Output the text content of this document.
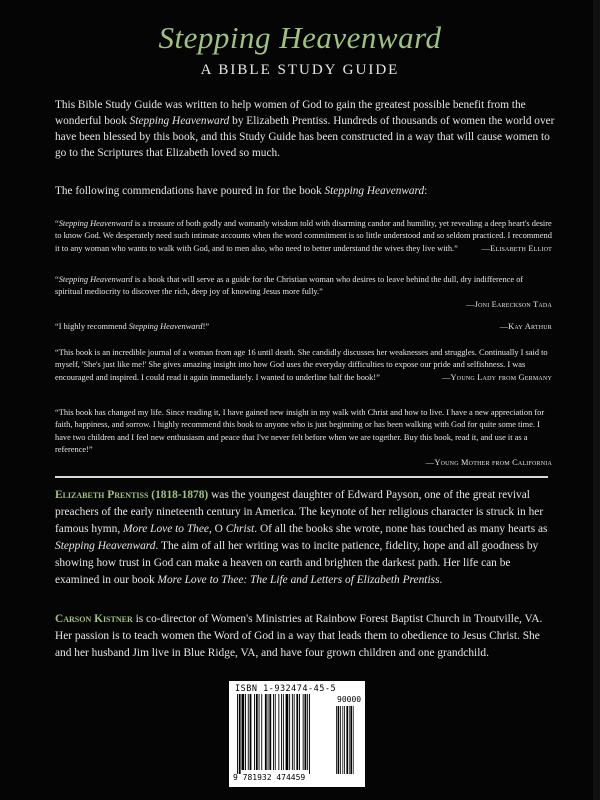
Stepping Heavenward
A BIBLE STUDY GUIDE

This Bible Study Guide was written to help women of God to gain the greatest possible benefit from the wonderful book Stepping Heavenward by Elizabeth Prentiss. Hundreds of thousands of women the world over have been blessed by this book, and this Study Guide has been constructed in a way that will cause women to go to the Scriptures that Elizabeth loved so much.

The following commendations have poured in for the book Stepping Heavenward:

“Stepping Heavenward is a treasure of both godly and womanly wisdom told with disarming candor and humility, yet revealing a deep heart's desire to know God. We desperately need such intimate accounts when the word commitment is so little understood and so seldom practiced. I recommend it to any woman who wants to walk with God, and to men also, who need to better understand the wives they live with.”	—Elisabeth Elliot
“Stepping Heavenward is a book that will serve as a guide for the Christian woman who desires to leave behind the dull, dry indifference of spiritual mediocrity to discover the rich, deep joy of knowing Jesus more fully.”
—Joni Eareckson Tada
“I highly recommend Stepping Heavenward!”	—Kay Arthur
“This book is an incredible journal of a woman from age 16 until death. She candidly discusses her weaknesses and struggles. Continually I said to myself, 'She's just like me!' She gives amazing insight into how God uses the everyday difficulties to expose our pride and selfishness. I was encouraged and inspired. I could read it again immediately. I wanted to underline half the book!”	—Young Lady from Germany
“This book has changed my life. Since reading it, I have gained new insight in my walk with Christ and how to live. I have a new appreciation for faith, happiness, and sorrow. I highly recommend this book to anyone who is just beginning or has been walking with God for quite some time. I have two children and I feel new enthusiasm and peace that I've never felt before when we are together. Buy this book, read it, and use it as a reference!”
—Young Mother from California

Elizabeth Prentiss (1818-1878) was the youngest daughter of Edward Payson, one of the great revival preachers of the early nineteenth century in America. The keynote of her religious character is struck in her famous hymn, More Love to Thee, O Christ. Of all the books she wrote, none has touched as many hearts as Stepping Heavenward. The aim of all her writing was to incite patience, fidelity, hope and all goodness by showing how trust in God can make a heaven on earth and brighten the darkest path. Her life can be examined in our book More Love to Thee: The Life and Letters of Elizabeth Prentiss.

Carson Kistner is co-director of Women's Ministries at Rainbow Forest Baptist Church in Troutville, VA. Her passion is to teach women the Word of God in a way that leads them to obedience to Jesus Christ. She and her husband Jim live in Blue Ridge, VA, and have four grown children and one grandchild.

ISBN 1-932474-45-5
90000
9 781932 474459
